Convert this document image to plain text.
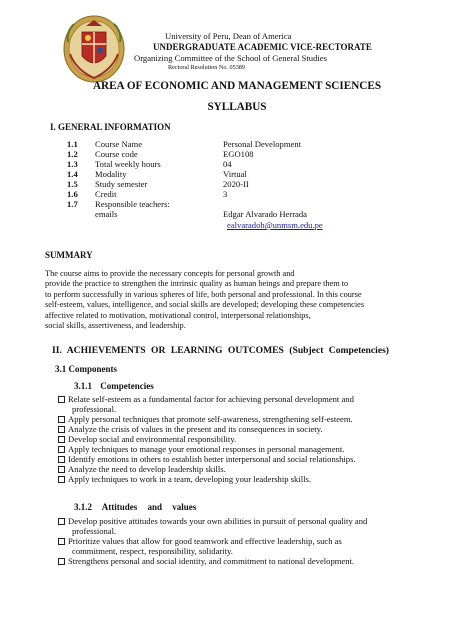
University of Peru, Dean of America
UNDERGRADUATE ACADEMIC VICE-RECTORATE
Organizing Committee of the School of General Studies
Rectoral Resolution No. 05389
AREA OF ECONOMIC AND MANAGEMENT SCIENCES
SYLLABUS
I. GENERAL INFORMATION
1.1 Course Name	Personal Development
1.2 Course code	EGO108
1.3 Total weekly hours	04
1.4 Modality	Virtual
1.5 Study semester	2020-II
1.6 Credit	3
1.7 Responsible teachers:
emails	Edgar Alvarado Herrada
ealvaradoh@unmsm.edu.pe
SUMMARY
The course aims to provide the necessary concepts for personal growth and
provide the practice to strengthen the intrinsic quality as human beings and prepare them to
to perform successfully in various spheres of life, both personal and professional. In this course
self-esteem, values, intelligence, and social skills are developed; developing these competencies
affective related to motivation, motivational control, interpersonal relationships,
social skills, assertiveness, and leadership.
II. ACHIEVEMENTS OR LEARNING OUTCOMES (Subject Competencies)
3.1 Components
3.1.1 Competencies
Relate self-esteem as a fundamental factor for achieving personal development and
professional.
Apply personal techniques that promote self-awareness, strengthening self-esteem.
Analyze the crisis of values in the present and its consequences in society.
Develop social and environmental responsibility.
Apply techniques to manage your emotional responses in personal management.
Identify emotions in others to establish better interpersonal and social relationships.
Analyze the need to develop leadership skills.
Apply techniques to work in a team, developing your leadership skills.
3.1.2 Attitudes and values
Develop positive attitudes towards your own abilities in pursuit of personal quality and
professional.
Prioritize values that allow for good teamwork and effective leadership, such as
commitment, respect, responsibility, solidarity.
Strengthens personal and social identity, and commitment to national development.
